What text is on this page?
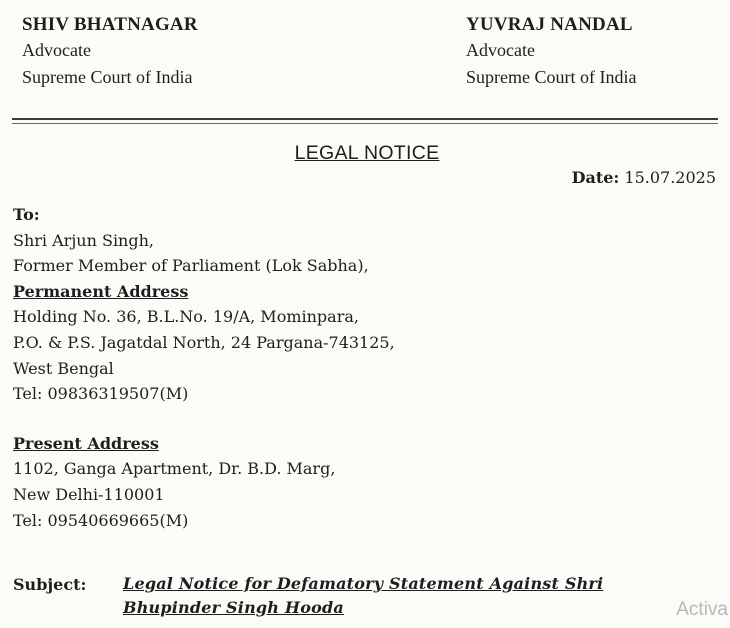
SHIV BHATNAGAR
Advocate
Supreme Court of India
YUVRAJ NANDAL
Advocate
Supreme Court of India
LEGAL NOTICE
Date: 15.07.2025
To:
Shri Arjun Singh,
Former Member of Parliament (Lok Sabha),
Permanent Address
Holding No. 36, B.L.No. 19/A, Mominpara,
P.O. & P.S. Jagatdal North, 24 Pargana-743125,
West Bengal
Tel: 09836319507(M)
Present Address
1102, Ganga Apartment, Dr. B.D. Marg,
New Delhi-110001
Tel: 09540669665(M)
Subject: Legal Notice for Defamatory Statement Against Shri
Bhupinder Singh Hooda	Activa
